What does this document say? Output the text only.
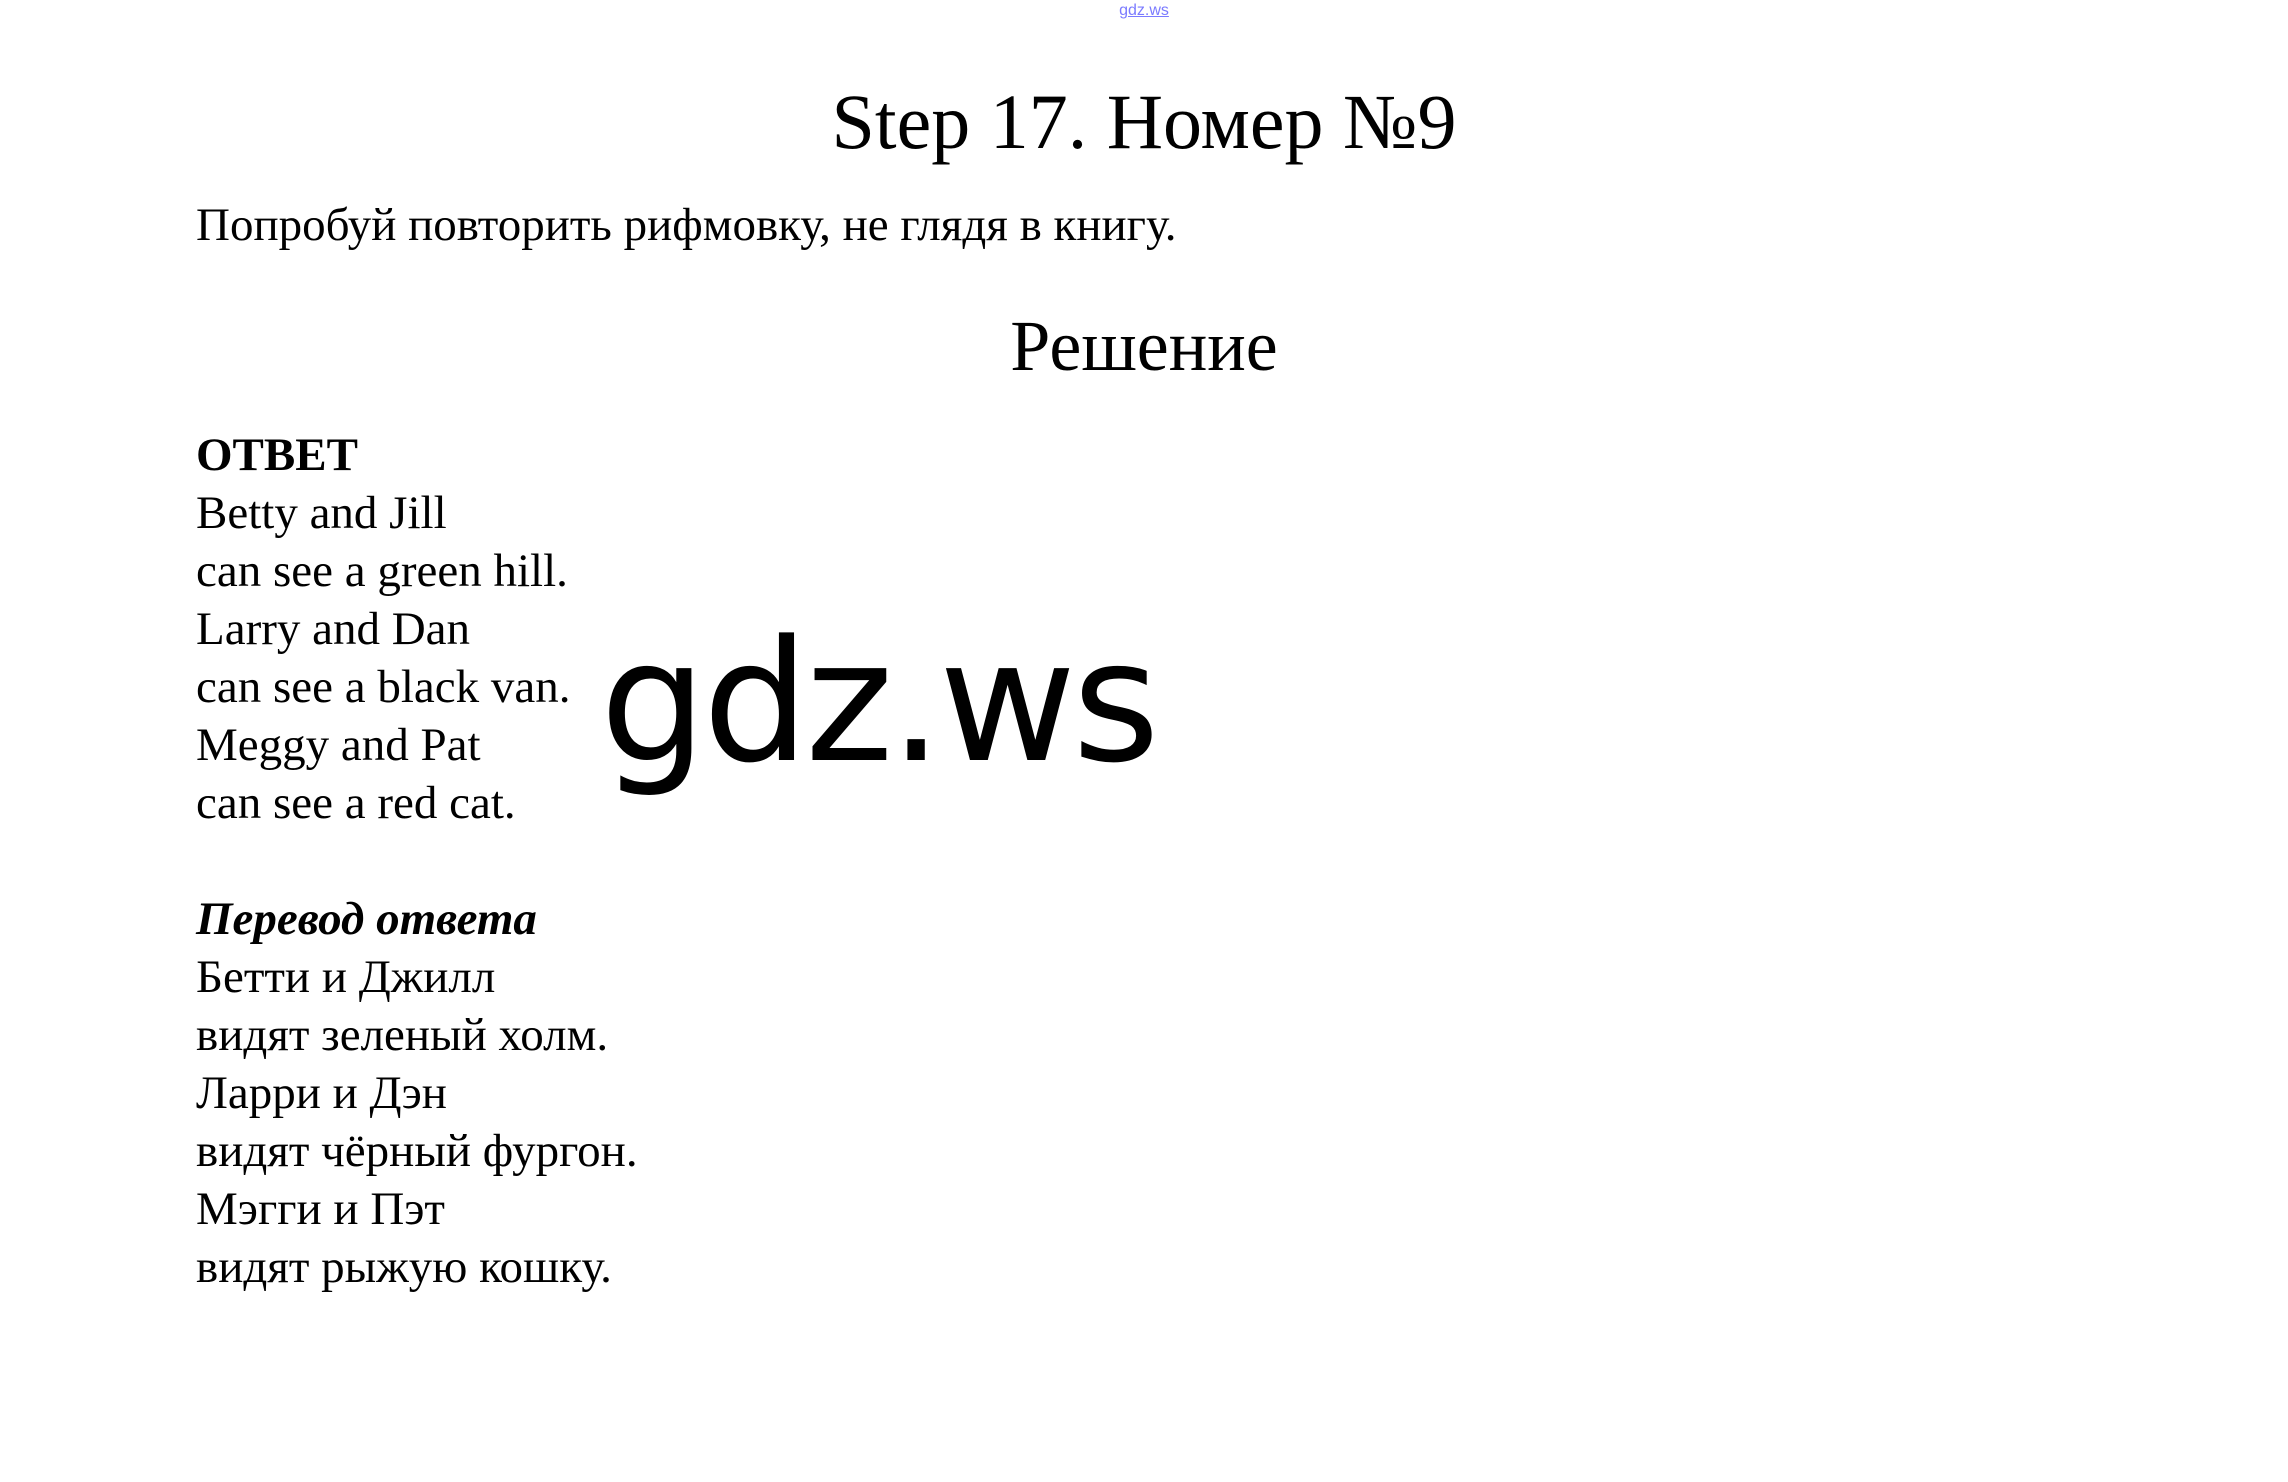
gdz.ws
Step 17. Номер №9

Попробуй повторить рифмовку, не глядя в книгу.

Решение
ОТВЕТ
Betty and Jill
can see a green hill.
Larry and Dan
can see a black van.
Meggy and Pat
can see a red cat.
Перевод ответа
Бетти и Джилл
видят зеленый холм.
Ларри и Дэн
видят чёрный фургон.
Мэгги и Пэт
видят рыжую кошку.
gdz.ws
